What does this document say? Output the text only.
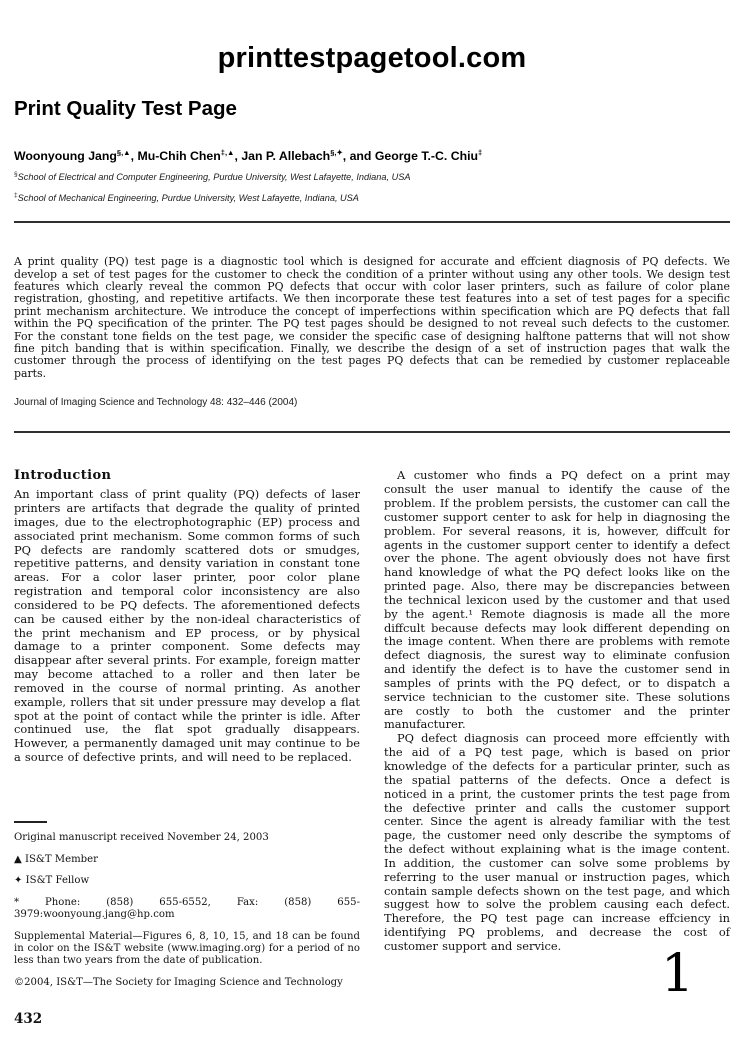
printtestpagetool.com
Print Quality Test Page
Woonyoung Jang§,▲, Mu-Chih Chen‡,▲, Jan P. Allebach§,✦, and George T.-C. Chiu‡
§School of Electrical and Computer Engineering, Purdue University, West Lafayette, Indiana, USA
‡School of Mechanical Engineering, Purdue University, West Lafayette, Indiana, USA

A print quality (PQ) test page is a diagnostic tool which is designed for accurate and effcient diagnosis of PQ defects. We develop a set of test pages for the customer to check the condition of a printer without using any other tools. We design test features which clearly reveal the common PQ defects that occur with color laser printers, such as failure of color plane registration, ghosting, and repetitive artifacts. We then incorporate these test features into a set of test pages for a specific print mechanism architecture. We introduce the concept of imperfections within specification which are PQ defects that fall within the PQ specification of the printer. The PQ test pages should be designed to not reveal such defects to the customer. For the constant tone fields on the test page, we consider the specific case of designing halftone patterns that will not show fine pitch banding that is within specification. Finally, we describe the design of a set of instruction pages that walk the customer through the process of identifying on the test pages PQ defects that can be remedied by customer replaceable parts.

Journal of Imaging Science and Technology 48: 432–446 (2004)
Introduction

An important class of print quality (PQ) defects of laser printers are artifacts that degrade the quality of printed images, due to the electrophotographic (EP) process and associated print mechanism. Some common forms of such PQ defects are randomly scattered dots or smudges, repetitive patterns, and density variation in constant tone areas. For a color laser printer, poor color plane registration and temporal color inconsistency are also considered to be PQ defects. The aforementioned defects can be caused either by the non-ideal characteristics of the print mechanism and EP process, or by physical damage to a printer component. Some defects may disappear after several prints. For example, foreign matter may become attached to a roller and then later be removed in the course of normal printing. As another example, rollers that sit under pressure may develop a flat spot at the point of contact while the printer is idle. After continued use, the flat spot gradually disappears. However, a permanently damaged unit may continue to be a source of defective prints, and will need to be replaced.

Original manuscript received November 24, 2003

▲ IS&T Member

✦ IS&T Fellow

* Phone: (858) 655-6552, Fax: (858) 655-3979:woonyoung.jang@hp.com

Supplemental Material—Figures 6, 8, 10, 15, and 18 can be found in color on the IS&T website (www.imaging.org) for a period of no less than two years from the date of publication.

©2004, IS&T—The Society for Imaging Science and Technology

432

A customer who finds a PQ defect on a print may consult the user manual to identify the cause of the problem. If the problem persists, the customer can call the customer support center to ask for help in diagnosing the problem. For several reasons, it is, however, diffcult for agents in the customer support center to identify a defect over the phone. The agent obviously does not have first hand knowledge of what the PQ defect looks like on the printed page. Also, there may be discrepancies between the technical lexicon used by the customer and that used by the agent.¹ Remote diagnosis is made all the more diffcult because defects may look different depending on the image content. When there are problems with remote defect diagnosis, the surest way to eliminate confusion and identify the defect is to have the customer send in samples of prints with the PQ defect, or to dispatch a service technician to the customer site. These solutions are costly to both the customer and the printer manufacturer.

PQ defect diagnosis can proceed more effciently with the aid of a PQ test page, which is based on prior knowledge of the defects for a particular printer, such as the spatial patterns of the defects. Once a defect is noticed in a print, the customer prints the test page from the defective printer and calls the customer support center. Since the agent is already familiar with the test page, the customer need only describe the symptoms of the defect without explaining what is the image content. In addition, the customer can solve some problems by referring to the user manual or instruction pages, which contain sample defects shown on the test page, and which suggest how to solve the problem causing each defect. Therefore, the PQ test page can increase effciency in identifying PQ problems, and decrease the cost of customer support and service.	1
